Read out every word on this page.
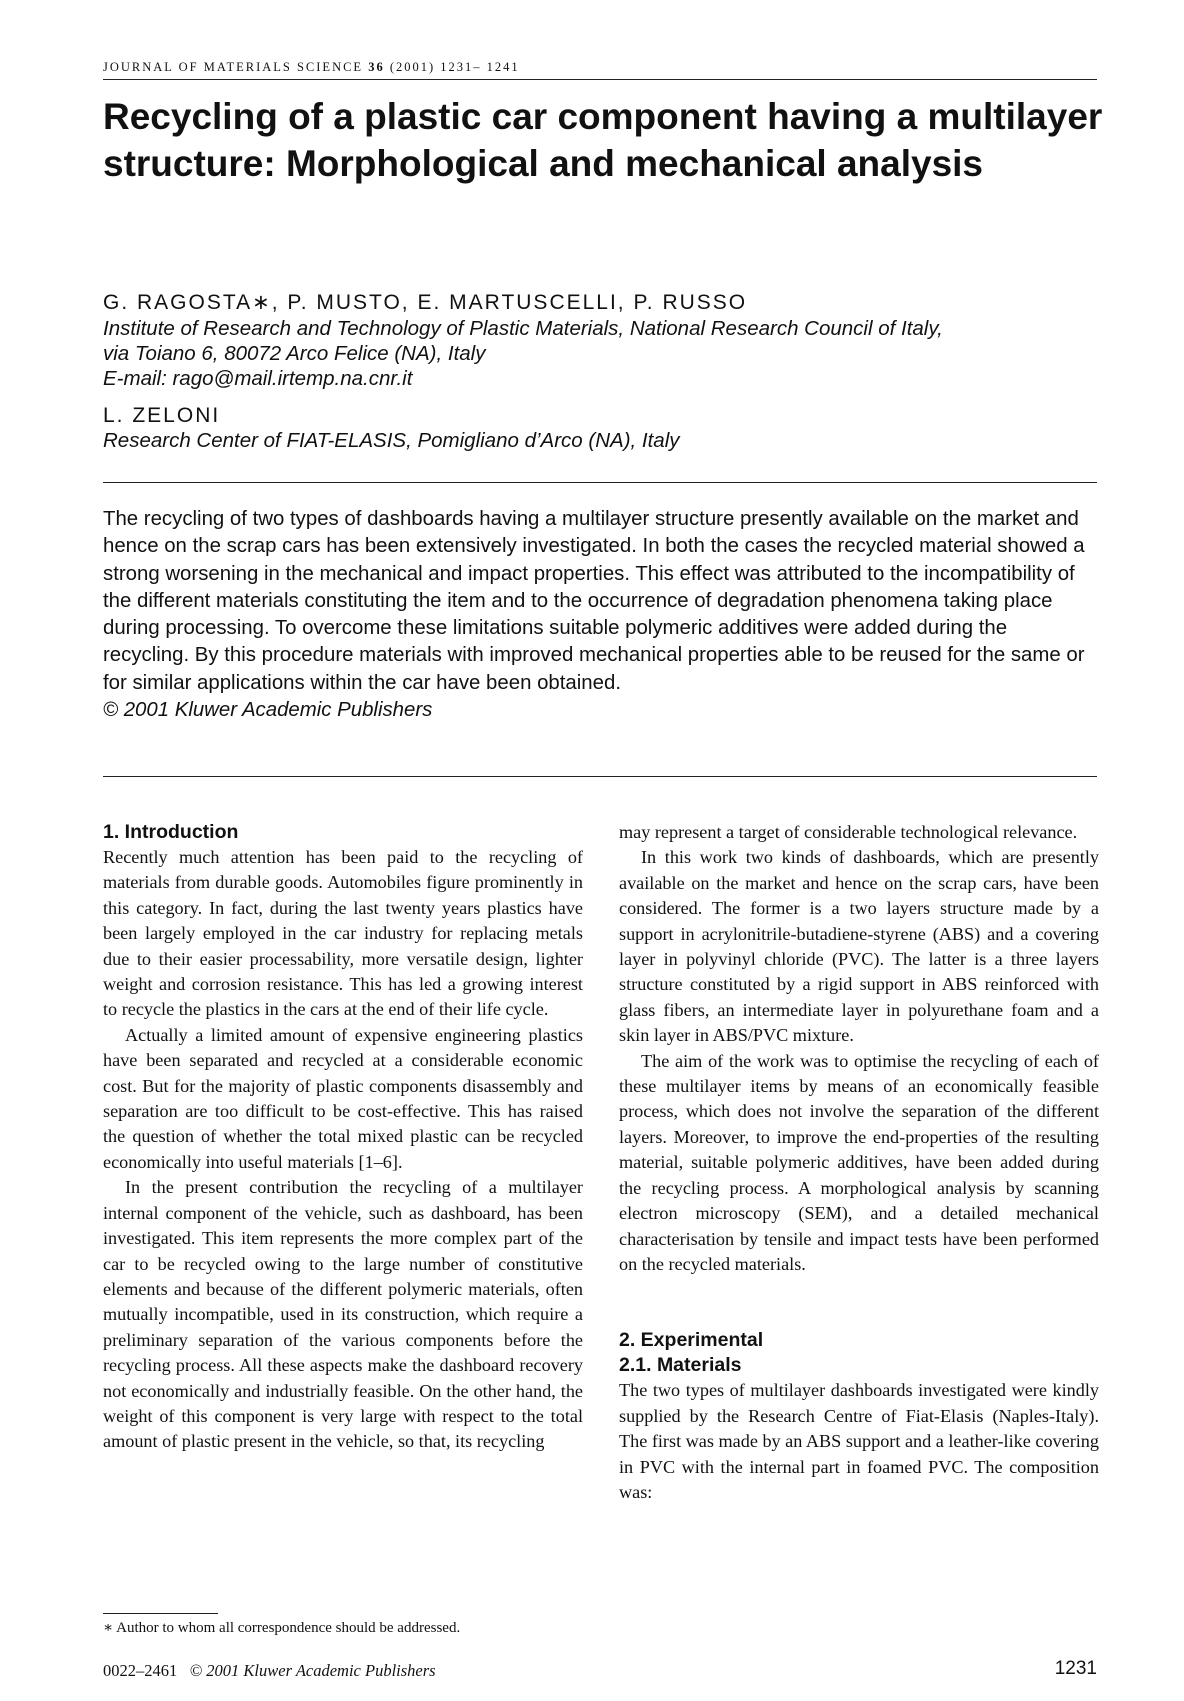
JOURNAL OF MATERIALS SCIENCE 36 (2001) 1231– 1241
Recycling of a plastic car component having a multilayer structure: Morphological and mechanical analysis
G. RAGOSTA∗, P. MUSTO, E. MARTUSCELLI, P. RUSSO
Institute of Research and Technology of Plastic Materials, National Research Council of Italy,
via Toiano 6, 80072 Arco Felice (NA), Italy
E-mail: rago@mail.irtemp.na.cnr.it
L. ZELONI
Research Center of FIAT-ELASIS, Pomigliano d’Arco (NA), Italy
The recycling of two types of dashboards having a multilayer structure presently available on the market and hence on the scrap cars has been extensively investigated. In both the cases the recycled material showed a strong worsening in the mechanical and impact properties. This effect was attributed to the incompatibility of the different materials constituting the item and to the occurrence of degradation phenomena taking place during processing. To overcome these limitations suitable polymeric additives were added during the recycling. By this procedure materials with improved mechanical properties able to be reused for the same or for similar applications within the car have been obtained.
© 2001 Kluwer Academic Publishers
1. Introduction

Recently much attention has been paid to the recycling of materials from durable goods. Automobiles figure prominently in this category. In fact, during the last twenty years plastics have been largely employed in the car industry for replacing metals due to their easier processability, more versatile design, lighter weight and corrosion resistance. This has led a growing interest to recycle the plastics in the cars at the end of their life cycle.

Actually a limited amount of expensive engineering plastics have been separated and recycled at a considerable economic cost. But for the majority of plastic components disassembly and separation are too difficult to be cost-effective. This has raised the question of whether the total mixed plastic can be recycled economically into useful materials [1–6].

In the present contribution the recycling of a multilayer internal component of the vehicle, such as dashboard, has been investigated. This item represents the more complex part of the car to be recycled owing to the large number of constitutive elements and because of the different polymeric materials, often mutually incompatible, used in its construction, which require a preliminary separation of the various components before the recycling process. All these aspects make the dashboard recovery not economically and industrially feasible. On the other hand, the weight of this component is very large with respect to the total amount of plastic present in the vehicle, so that, its recycling

may represent a target of considerable technological relevance.

In this work two kinds of dashboards, which are presently available on the market and hence on the scrap cars, have been considered. The former is a two layers structure made by a support in acrylonitrile-butadiene-styrene (ABS) and a covering layer in polyvinyl chloride (PVC). The latter is a three layers structure constituted by a rigid support in ABS reinforced with glass fibers, an intermediate layer in polyurethane foam and a skin layer in ABS/PVC mixture.

The aim of the work was to optimise the recycling of each of these multilayer items by means of an economically feasible process, which does not involve the separation of the different layers. Moreover, to improve the end-properties of the resulting material, suitable polymeric additives, have been added during the recycling process. A morphological analysis by scanning electron microscopy (SEM), and a detailed mechanical characterisation by tensile and impact tests have been performed on the recycled materials.

2. Experimental
2.1. Materials

The two types of multilayer dashboards investigated were kindly supplied by the Research Centre of Fiat-Elasis (Naples-Italy). The first was made by an ABS support and a leather-like covering in PVC with the internal part in foamed PVC. The composition was:

∗ Author to whom all correspondence should be addressed.
0022–2461 © 2001 Kluwer Academic Publishers	1231
